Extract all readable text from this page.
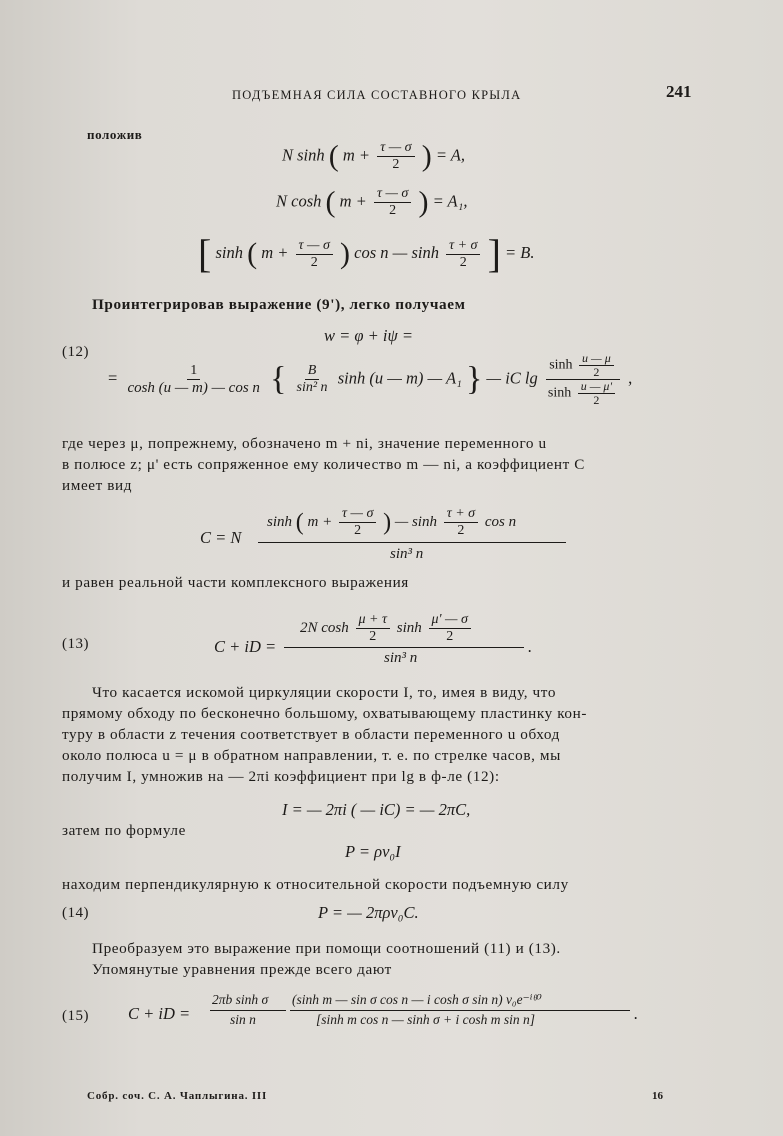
ПОДЪЕМНАЯ СИЛА СОСТАВНОГО КРЫЛА	241
положив
N sinh ( $m + \frac{\tau — \sigma}{2}$ ) = A,
N cosh ( $m + \frac{\tau — \sigma}{2}$ ) = A₁,
[ sinh ( $m + \frac{\tau — \sigma}{2}$ ) cos n — $\sinh \frac{\tau + \sigma}{2}$ ] = B.
Проинтегрировав выражение (9'), легко получаем
w = φ + iψ =
(12)
= $\frac{1}{\text{cosh (u — m) — cos n}}$ { $\frac{B}{\text{sin² n}}$ sinh (u — m) — A₁ } — iC $\lg \frac{\sinh \frac{u — \mu}{2}}{\sinh \frac{u — \mu'}{2}}$ ,
где через μ, попрежнему, обозначено m + ni, значение переменного u
в полюсе z; μ' есть сопряженное ему количество m — ni, а коэффициент C
имеет вид
C = N
sinh ( $m + \frac{\tau — \sigma}{2}$ ) — $\sinh \frac{\tau + \sigma}{2}$ cos n
sin³ n
и равен реальной части комплексного выражения
(13)	C + iD =
2N $\cosh \frac{\mu + \tau}{2}$ $\sinh \frac{\mu' — \sigma}{2}$
sin³ n
.
Что касается искомой циркуляции скорости I, то, имея в виду, что
прямому обходу по бесконечно большому, охватывающему пластинку кон-
туру в области z течения соответствует в области переменного u обход
около полюса u = μ в обратном направлении, т. е. по стрелке часов, мы
получим I, умножив на — 2πi коэффициент при lg в ф-ле (12):
I = — 2πi ( — iC) = — 2πC,
затем по формуле
P = ρv₀I
находим перпендикулярную к относительной скорости подъемную силу
(14)	P = — 2πρv₀C.
Преобразуем это выражение при помощи соотношений (11) и (13).
Упомянутые уравнения прежде всего дают
(15) C + iD =
2πb sinh σ
sin n
(sinh m — sin σ cos n — i cosh σ sin n) v₀e⁻ⁱᶿ⁰
[sinh m cos n — sinh σ + i cosh m sin n]	.
Собр. соч. С. А. Чаплыгина. III	16
